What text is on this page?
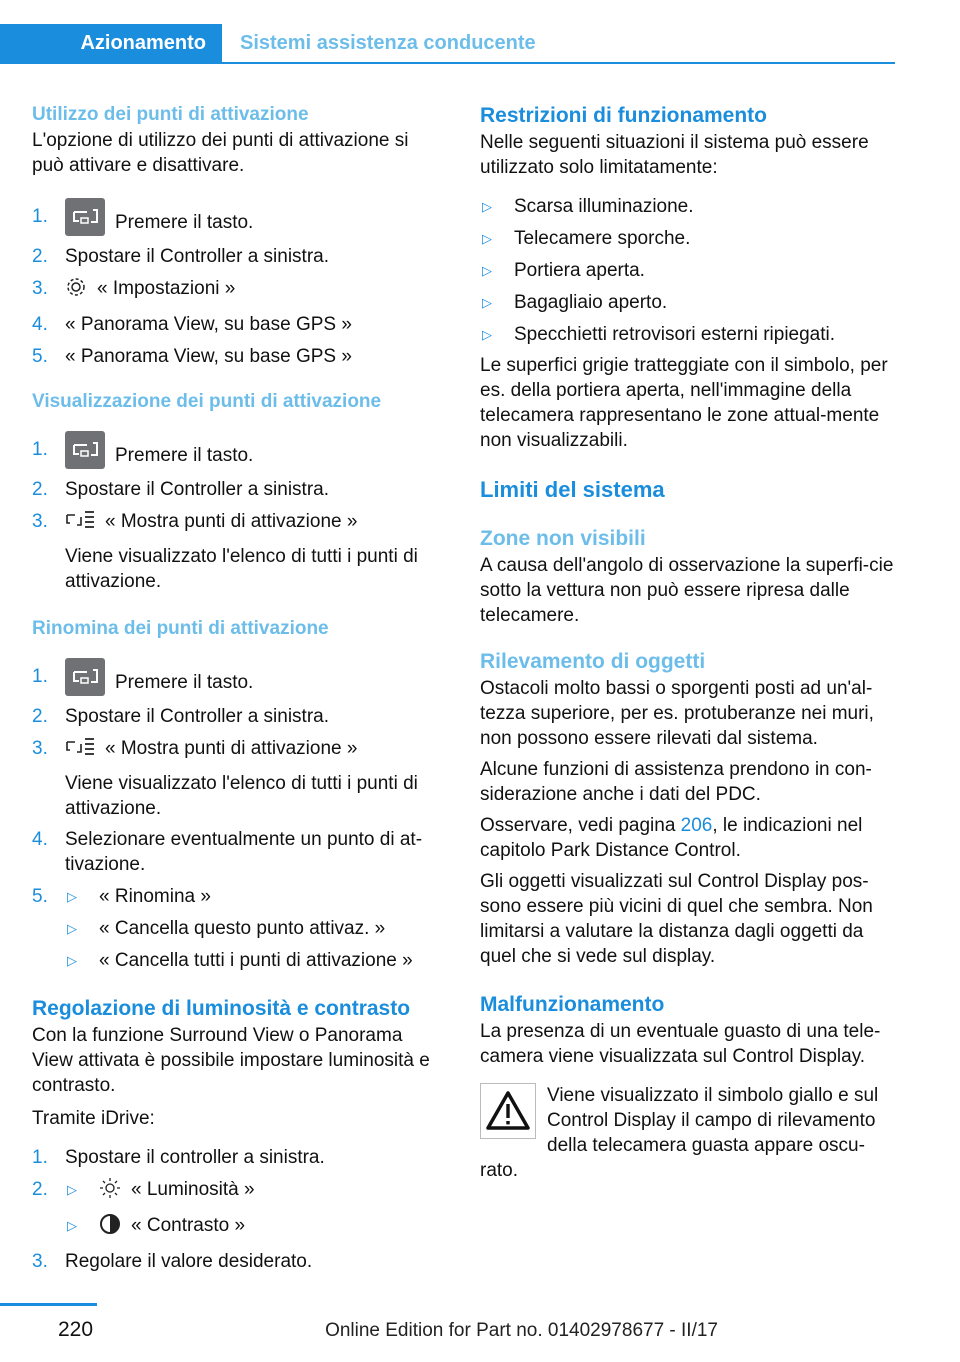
Azionamento	Sistemi assistenza conducente
Utilizzo dei punti di attivazione

L'opzione di utilizzo dei punti di attivazione si può attivare e disattivare.

1.	Premere il tasto.
2. Spostare il Controller a sinistra.
3.	« Impostazioni »
4. « Panorama View, su base GPS »
5. « Panorama View, su base GPS »
Visualizzazione dei punti di attivazione
1.	Premere il tasto.
2. Spostare il Controller a sinistra.
3.	« Mostra punti di attivazione »
Viene visualizzato l'elenco di tutti i punti di attivazione.
Rinomina dei punti di attivazione
1.	Premere il tasto.
2. Spostare il Controller a sinistra.
3.	« Mostra punti di attivazione »
Viene visualizzato l'elenco di tutti i punti di attivazione.
4. Selezionare eventualmente un punto di at-tivazione.
5. ▷ « Rinomina »
▷ « Cancella questo punto attivaz. »
▷ « Cancella tutti i punti di attivazione »
Regolazione di luminosità e contrasto

Con la funzione Surround View o Panorama View attivata è possibile impostare luminosità e contrasto.

Tramite iDrive:

1. Spostare il controller a sinistra.
2. ▷	« Luminosità »
▷	« Contrasto »
3. Regolare il valore desiderato.
Restrizioni di funzionamento

Nelle seguenti situazioni il sistema può essere utilizzato solo limitatamente:

▷ Scarsa illuminazione.
▷ Telecamere sporche.
▷ Portiera aperta.
▷ Bagagliaio aperto.
▷ Specchietti retrovisori esterni ripiegati.

Le superfici grigie tratteggiate con il simbolo, per es. della portiera aperta, nell'immagine della telecamera rappresentano le zone attual-mente non visualizzabili.

Limiti del sistema
Zone non visibili

A causa dell'angolo di osservazione la superfi-cie sotto la vettura non può essere ripresa dalle telecamere.

Rilevamento di oggetti

Ostacoli molto bassi o sporgenti posti ad un'al-tezza superiore, per es. protuberanze nei muri, non possono essere rilevati dal sistema.

Alcune funzioni di assistenza prendono in con-siderazione anche i dati del PDC.

Osservare, vedi pagina 206, le indicazioni nel capitolo Park Distance Control.

Gli oggetti visualizzati sul Control Display pos-sono essere più vicini di quel che sembra. Non limitarsi a valutare la distanza dagli oggetti da quel che si vede sul display.

Malfunzionamento

La presenza di un eventuale guasto di una tele-camera viene visualizzata sul Control Display.

Viene visualizzato il simbolo giallo e sul
Control Display il campo di rilevamento
della telecamera guasta appare oscu-
rato.
220	Online Edition for Part no. 01402978677 - II/17
